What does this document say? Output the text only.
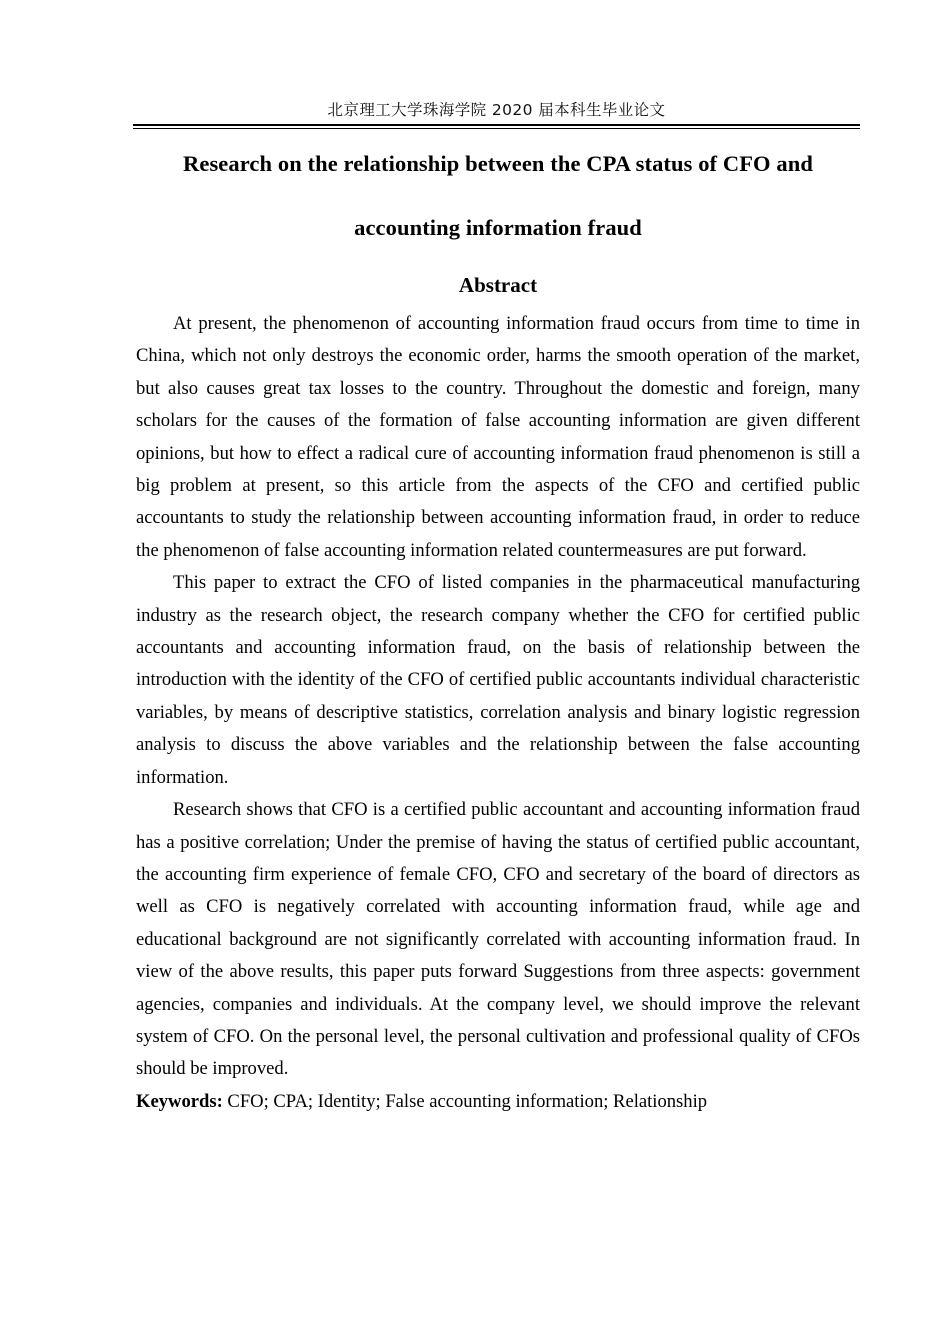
北京理工大学珠海学院 2020 届本科生毕业论文
Research on the relationship between the CPA status of CFO and
accounting information fraud
Abstract

At present, the phenomenon of accounting information fraud occurs from time to time in China, which not only destroys the economic order, harms the smooth operation of the market, but also causes great tax losses to the country. Throughout the domestic and foreign, many scholars for the causes of the formation of false accounting information are given different opinions, but how to effect a radical cure of accounting information fraud phenomenon is still a big problem at present, so this article from the aspects of the CFO and certified public accountants to study the relationship between accounting information fraud, in order to reduce the phenomenon of false accounting information related countermeasures are put forward.

This paper to extract the CFO of listed companies in the pharmaceutical manufacturing industry as the research object, the research company whether the CFO for certified public accountants and accounting information fraud, on the basis of relationship between the introduction with the identity of the CFO of certified public accountants individual characteristic variables, by means of descriptive statistics, correlation analysis and binary logistic regression analysis to discuss the above variables and the relationship between the false accounting information.

Research shows that CFO is a certified public accountant and accounting information fraud has a positive correlation; Under the premise of having the status of certified public accountant, the accounting firm experience of female CFO, CFO and secretary of the board of directors as well as CFO is negatively correlated with accounting information fraud, while age and educational background are not significantly correlated with accounting information fraud. In view of the above results, this paper puts forward Suggestions from three aspects: government agencies, companies and individuals. At the company level, we should improve the relevant system of CFO. On the personal level, the personal cultivation and professional quality of CFOs should be improved.

Keywords: CFO; CPA; Identity; False accounting information; Relationship
